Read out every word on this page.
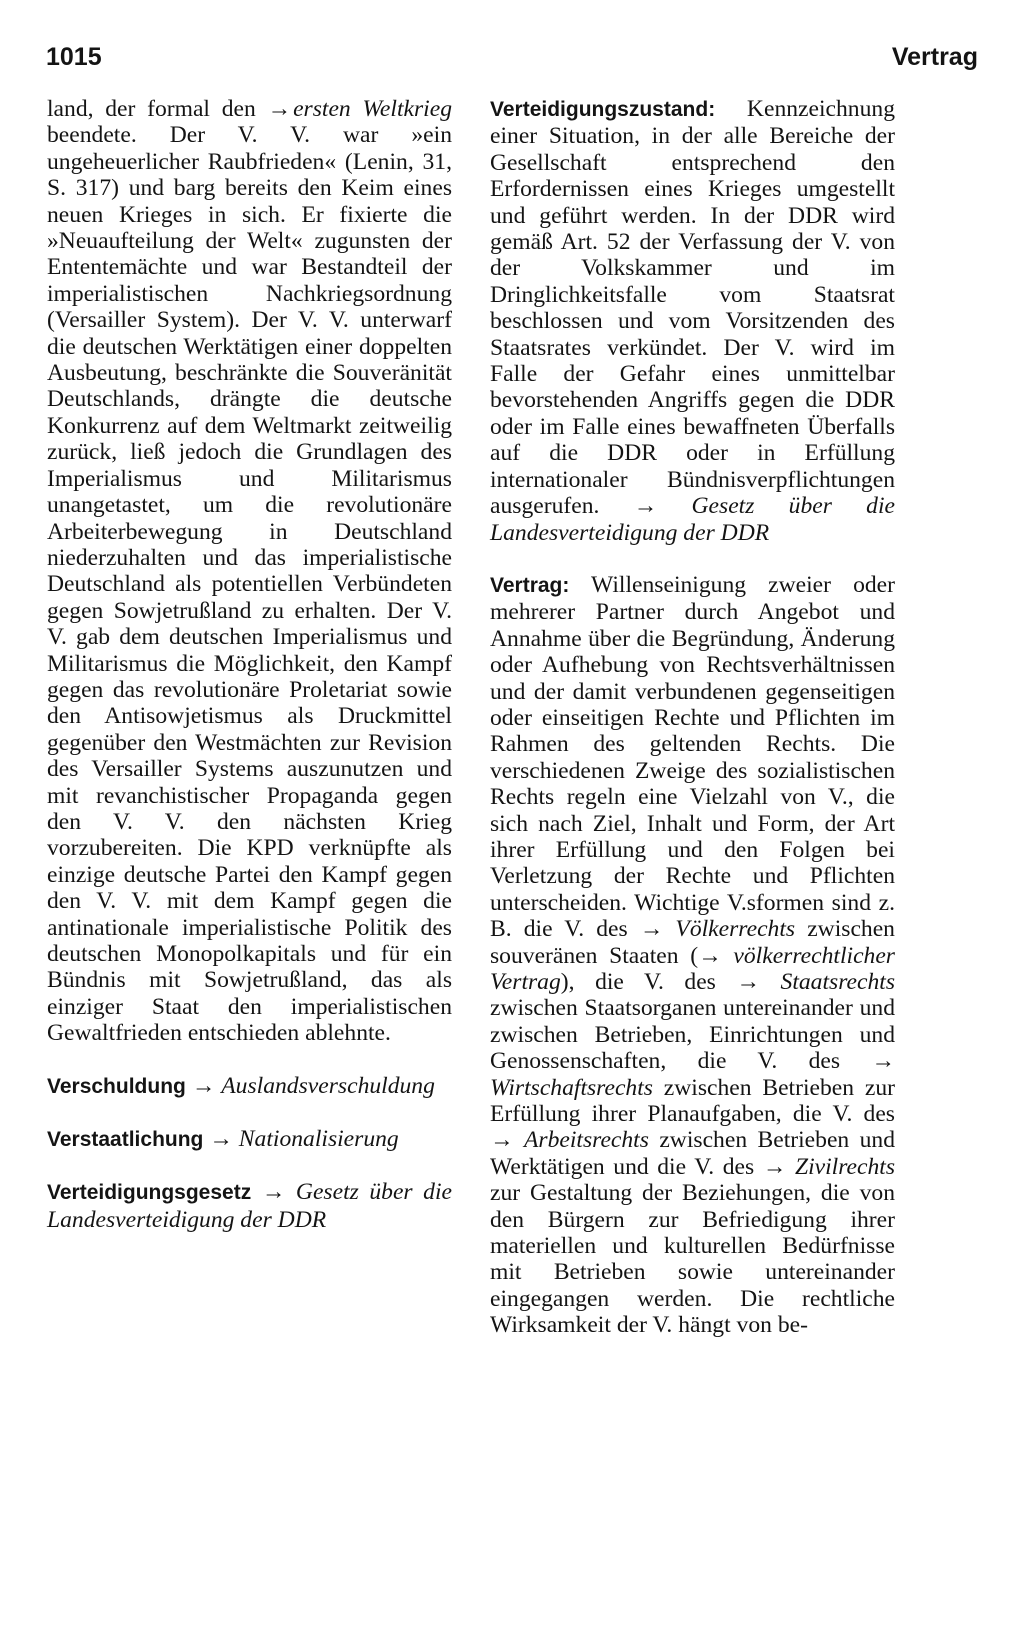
1015	Vertrag

land, der formal den → ersten Weltkrieg beendete. Der V. V. war »ein ungeheuerlicher Raubfrieden« (Lenin, 31, S. 317) und barg bereits den Keim eines neuen Krieges in sich. Er fixierte die »Neuaufteilung der Welt« zugunsten der Ententemächte und war Bestandteil der imperialistischen Nachkriegsordnung (Versailler System). Der V. V. unterwarf die deutschen Werktätigen einer doppelten Ausbeutung, beschränkte die Souveränität Deutschlands, drängte die deutsche Konkurrenz auf dem Weltmarkt zeitweilig zurück, ließ jedoch die Grundlagen des Imperialismus und Militarismus unangetastet, um die revolutionäre Arbeiterbewegung in Deutschland niederzuhalten und das imperialistische Deutschland als potentiellen Verbündeten gegen Sowjetrußland zu erhalten. Der V. V. gab dem deutschen Imperialismus und Militarismus die Möglichkeit, den Kampf gegen das revolutionäre Proletariat sowie den Antisowjetismus als Druckmittel gegenüber den Westmächten zur Revision des Versailler Systems auszunutzen und mit revanchistischer Propaganda gegen den V. V. den nächsten Krieg vorzubereiten. Die KPD verknüpfte als einzige deutsche Partei den Kampf gegen den V. V. mit dem Kampf gegen die antinationale imperialistische Politik des deutschen Monopolkapitals und für ein Bündnis mit Sowjetrußland, das als einziger Staat den imperialistischen Gewaltfrieden entschieden ablehnte.

Verschuldung → Auslandsverschuldung

Verstaatlichung → Nationalisierung

Verteidigungsgesetz → Gesetz über die Landesverteidigung der DDR

Verteidigungszustand: Kennzeichnung einer Situation, in der alle Bereiche der Gesellschaft entsprechend den Erfordernissen eines Krieges umgestellt und geführt werden. In der DDR wird gemäß Art. 52 der Verfassung der V. von der Volkskammer und im Dringlichkeitsfalle vom Staatsrat beschlossen und vom Vorsitzenden des Staatsrates verkündet. Der V. wird im Falle der Gefahr eines unmittelbar bevorstehenden Angriffs gegen die DDR oder im Falle eines bewaffneten Überfalls auf die DDR oder in Erfüllung internationaler Bündnisverpflichtungen ausgerufen. → Gesetz über die Landesverteidigung der DDR

Vertrag: Willenseinigung zweier oder mehrerer Partner durch Angebot und Annahme über die Begründung, Änderung oder Aufhebung von Rechtsverhältnissen und der damit verbundenen gegenseitigen oder einseitigen Rechte und Pflichten im Rahmen des geltenden Rechts. Die verschiedenen Zweige des sozialistischen Rechts regeln eine Vielzahl von V., die sich nach Ziel, Inhalt und Form, der Art ihrer Erfüllung und den Folgen bei Verletzung der Rechte und Pflichten unterscheiden. Wichtige V.sformen sind z. B. die V. des → Völkerrechts zwischen souveränen Staaten (→ völkerrechtlicher Vertrag), die V. des → Staatsrechts zwischen Staatsorganen untereinander und zwischen Betrieben, Einrichtungen und Genossenschaften, die V. des → Wirtschaftsrechts zwischen Betrieben zur Erfüllung ihrer Planaufgaben, die V. des → Arbeitsrechts zwischen Betrieben und Werktätigen und die V. des → Zivilrechts zur Gestaltung der Beziehungen, die von den Bürgern zur Befriedigung ihrer materiellen und kulturellen Bedürfnisse mit Betrieben sowie untereinander eingegangen werden. Die rechtliche Wirksamkeit der V. hängt von be-
